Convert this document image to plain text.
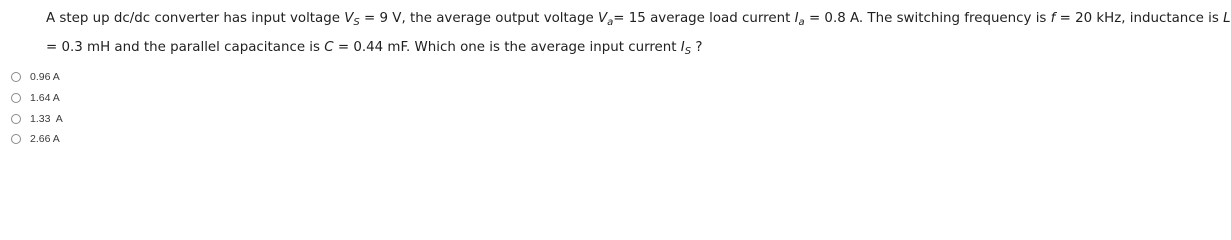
A step up dc/dc converter has input voltage $V_S = 9$ V, the average output voltage $V_a= 15$ average load current $I_a = 0.8$ A. The switching frequency is f = 20 kHz, inductance is L
= 0.3 mH and the parallel capacitance is C = 0.44 mF. Which one is the average input current $I_S$ ?
0.96 A
1.64 A
1.33  A
2.66 A
